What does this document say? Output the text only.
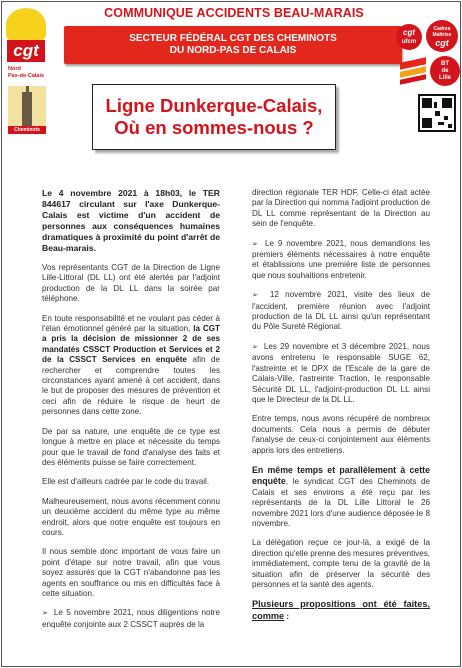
cgt
Nord
Pas-de-Calais
Cheminots
COMMUNIQUE ACCIDENTS BEAU-MARAIS
SECTEUR FÉDÉRAL CGT DES CHEMINOTS
DU NORD-PAS DE CALAIS
cgt
ufcm
Cadres
Maîtrise
cgt
BT
de
Lille
Ligne Dunkerque-Calais,
Où en sommes-nous ?

Le 4 novembre 2021 à 18h03, le TER 844617 circulant sur l'axe Dunkerque-Calais est victime d'un accident de personnes aux conséquences humaines dramatiques à proximité du point d'arrêt de Beau-marais.

Vos représentants CGT de la Direction de Ligne Lille-Littoral (DL LL) ont été alertés par l'adjoint production de la DL LL dans la soirée par téléphone.

En toute responsabilité et ne voulant pas céder à l'élan émotionnel généré par la situation, la CGT a pris la décision de missionner 2 de ses mandatés CSSCT Production et Services et 2 de la CSSCT Services en enquête afin de rechercher et comprendre toutes les circonstances ayant amené à cet accident, dans le but de proposer des mesures de prévention et ceci afin de réduire le risque de heurt de personnes dans cette zone.

De par sa nature, une enquête de ce type est longue à mettre en place et nécessite du temps pour que le travail de fond d'analyse des faits et des éléments puisse se faire correctement.

Elle est d'ailleurs cadrée par le code du travail.

Malheureusement, nous avons récemment connu un deuxième accident du même type au même endroit, alors que notre enquête est toujours en cours.

Il nous semble donc important de vous faire un point d'étape sur notre travail, afin que vous soyez assurés que la CGT n'abandonne pas les agents en souffrance ou mis en difficultés face à cette situation.

➢  Le 5 novembre 2021, nous diligentions notre enquête conjointe aux 2 CSSCT auprès de la

direction régionale TER HDF. Celle-ci était actée par la Direction qui nomma l'adjoint production de DL LL comme représentant de la Direction au sein de l'enquête.

➢  Le 9 novembre 2021, nous demandions les premiers éléments nécessaires à notre enquête et établissions une première liste de personnes que nous souhaitions entretenir.

➢  12 novembre 2021, visite des lieux de l'accident, première réunion avec l'adjoint production de la DL LL ainsi qu'un représentant du Pôle Sureté Régional.

➢  Les 29 novembre et 3 décembre 2021, nous avons entretenu le responsable SUGE 62, l'astreinte et le DPX de l'Escale de la gare de Calais-Ville, l'astreinte Traction, le responsable Sécurité DL LL, l'adjoint-production DL LL ainsi que le Directeur de la DL LL.

Entre temps, nous avons récupéré de nombreux documents. Cela nous a permis de débuter l'analyse de ceux-ci conjointement aux éléments appris lors des entretiens.

En même temps et parallèlement à cette enquête, le syndicat CGT des Cheminots de Calais et ses environs a été reçu par les représentants de la DL Lille Littoral le 26 novembre 2021 lors d'une audience déposée le 8 novembre.

La délégation reçue ce jour-là, a exigé de la direction qu'elle prenne des mesures préventives, immédiatement, compte tenu de la gravité de la situation afin de préserver la sécurité des personnes et la santé des agents.

Plusieurs propositions ont été faites, comme :
